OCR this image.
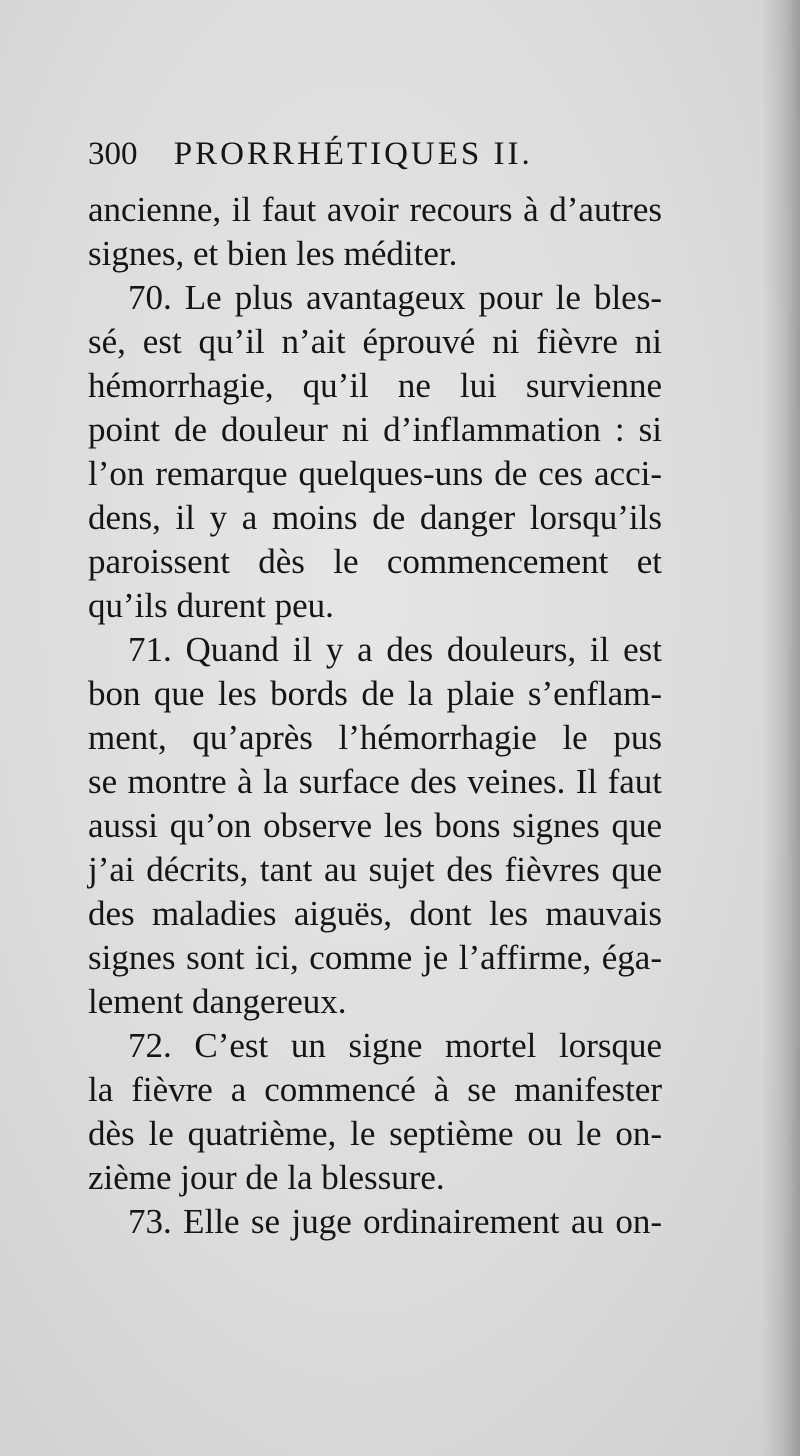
300 PRORRHÉTIQUES II.
ancienne, il faut avoir recours à d’autres
signes, et bien les méditer.
70. Le plus avantageux pour le bles-
sé, est qu’il n’ait éprouvé ni fièvre ni
hémorrhagie, qu’il ne lui survienne
point de douleur ni d’inflammation : si
l’on remarque quelques-uns de ces acci-
dens, il y a moins de danger lorsqu’ils
paroissent dès le commencement et
qu’ils durent peu.
71. Quand il y a des douleurs, il est
bon que les bords de la plaie s’enflam-
ment, qu’après l’hémorrhagie le pus
se montre à la surface des veines. Il faut
aussi qu’on observe les bons signes que
j’ai décrits, tant au sujet des fièvres que
des maladies aiguës, dont les mauvais
signes sont ici, comme je l’affirme, éga-
lement dangereux.
72. C’est un signe mortel lorsque
la fièvre a commencé à se manifester
dès le quatrième, le septième ou le on-
zième jour de la blessure.
73. Elle se juge ordinairement au on-
